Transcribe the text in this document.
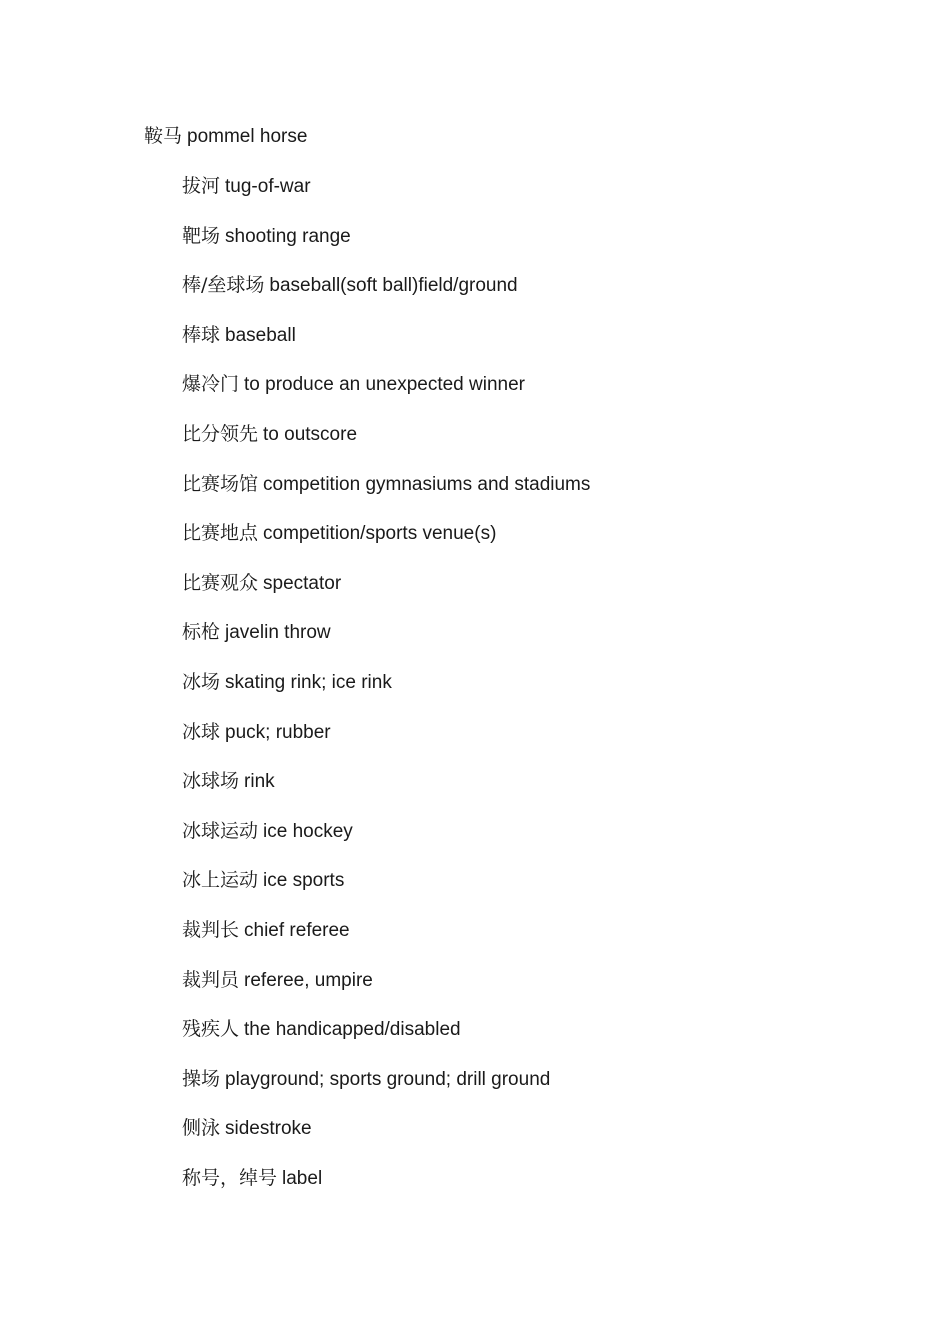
鞍马 pommel horse
拔河 tug-of-war
靶场 shooting range
棒/垒球场 baseball(soft ball)field/ground
棒球 baseball
爆冷门 to produce an unexpected winner
比分领先 to outscore
比赛场馆 competition gymnasiums and stadiums
比赛地点 competition/sports venue(s)
比赛观众 spectator
标枪 javelin throw
冰场 skating rink; ice rink
冰球 puck; rubber
冰球场 rink
冰球运动 ice hockey
冰上运动 ice sports
裁判长 chief referee
裁判员 referee, umpire
残疾人 the handicapped/disabled
操场 playground; sports ground; drill ground
侧泳 sidestroke
称号，绰号 label
